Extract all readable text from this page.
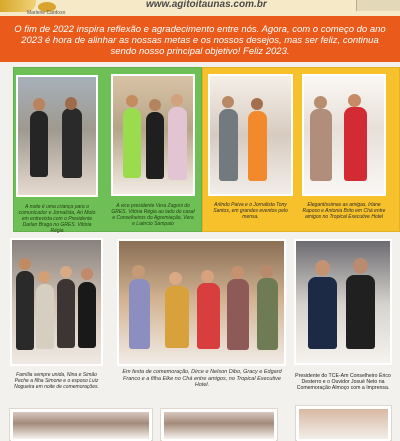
www.agitoitaunas.com.br
Marlene Cardoso
O fim de 2022 inspira reflexão e agradecimento entre nós. Agora, com o começo do ano 2023 é hora de alinhar as nossas metas e os nossos desejos, mas ser feliz, continua sendo nosso principal objetivo! Feliz 2023.
A noite é uma criança para o comunicador e Jornalista, Ari Moto em entrevista com o Presidente Darlan Braga no GRES. Vitória Régia
A vice presidente Vera Zagoni do GRES. Vitória Régia ao lado do casal e Conselheiros do Agremiação, Vera e Laércio Sampaio
Arlindo Paiva e o Jornalista Tony Santos, em grandes eventos pelo mensa.
Elegantíssimas as amigas, Irlane Raposo e Antonia Brito em Chá entre amigos no Tropical Executive Hotel
Família sempre unida, Nina e Simão Peche a filha Simone e o esposo Luiz Nogueira em noite de comemorações.
Em festa de comemoração, Dirce e Nelson Dibo, Gracy e Edgard Franco e a filha Elke no Chá entre amigos, no Tropical Executive Hotel.
Presidente do TCE-Am Conselheiro Érico Desterro e o Ouvidor Josué Neto na Comemoração Almoço com a Imprensa.
